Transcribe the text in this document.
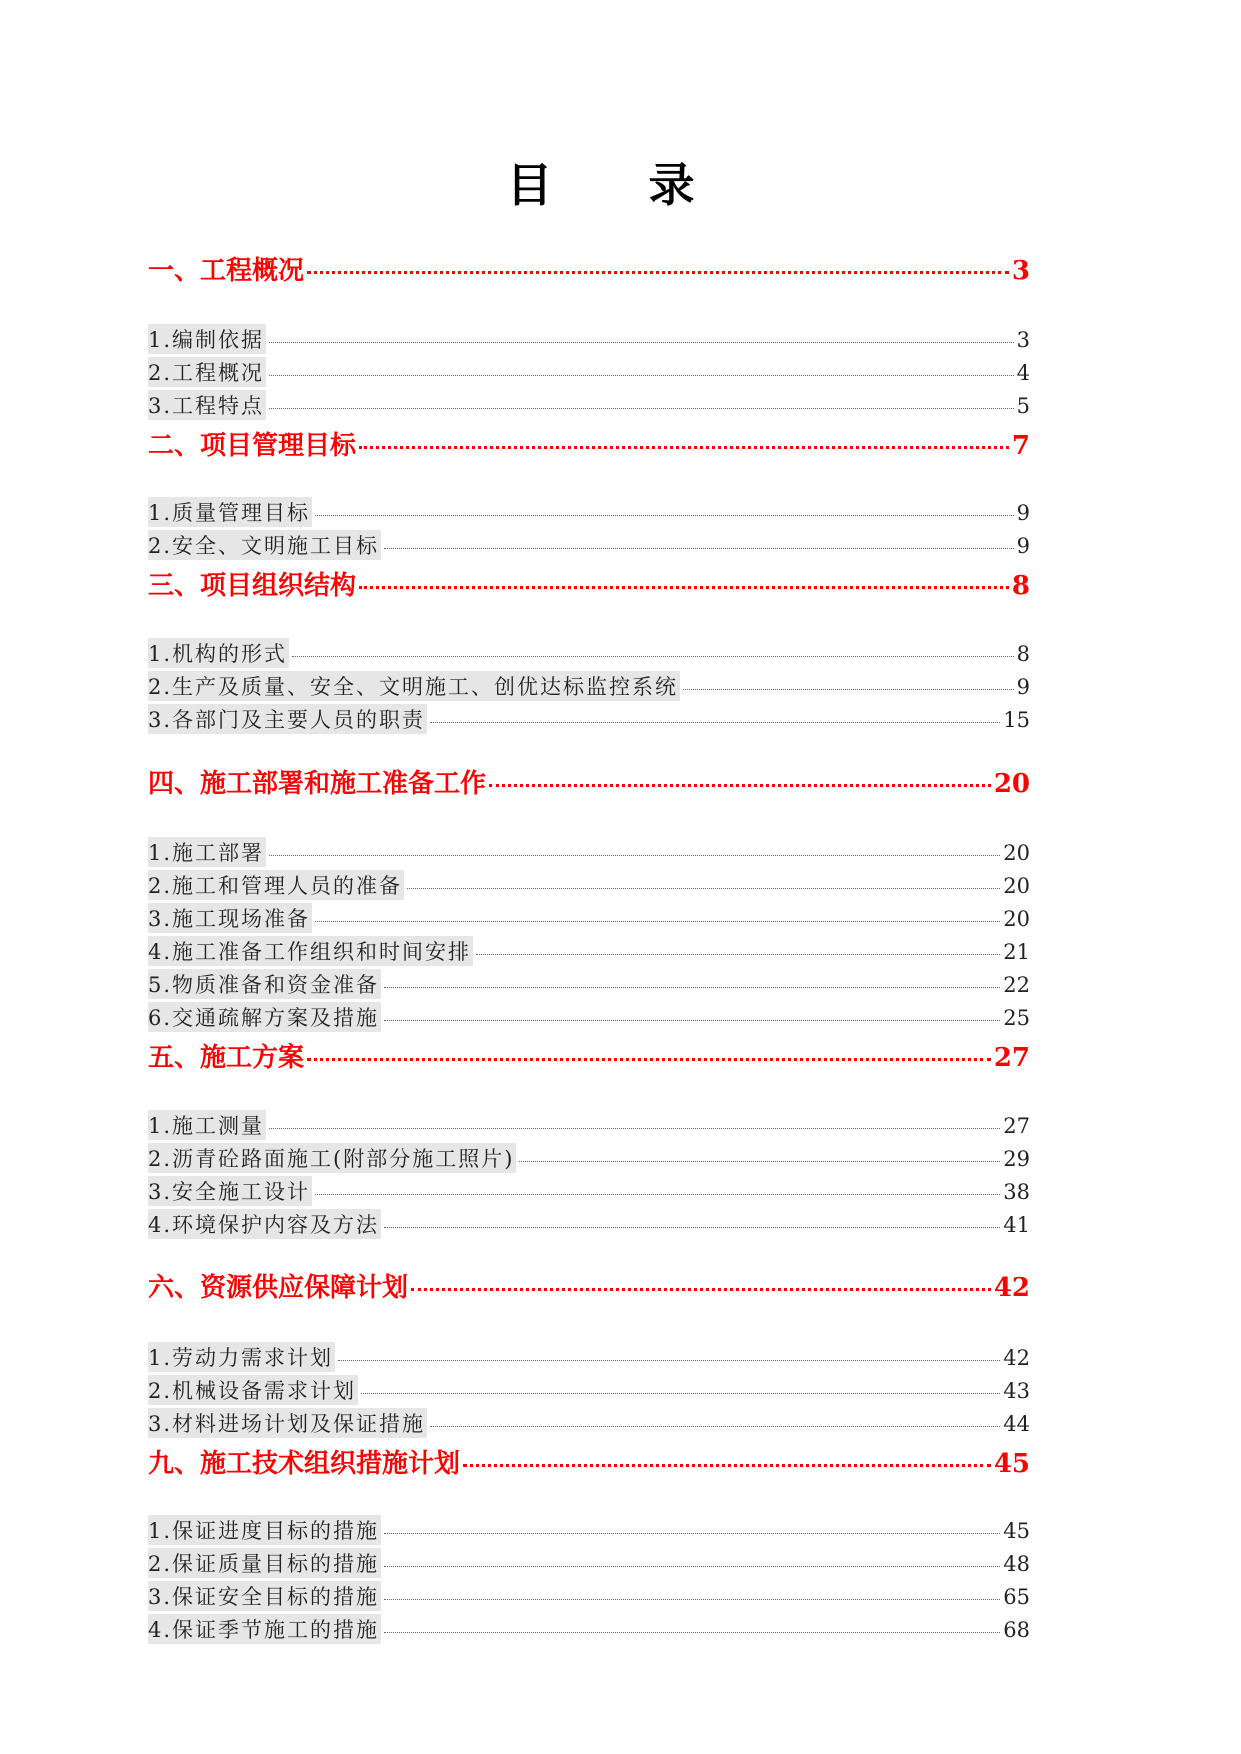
目 录
一、工程概况	3
1.编制依据	3
2.工程概况	4
3.工程特点	5
二、项目管理目标	7
1.质量管理目标	9
2.安全、文明施工目标	9
三、项目组织结构	8
1.机构的形式	8
2.生产及质量、安全、文明施工、创优达标监控系统	9
3.各部门及主要人员的职责	15
四、施工部署和施工准备工作	20
1.施工部署	20
2.施工和管理人员的准备	20
3.施工现场准备	20
4.施工准备工作组织和时间安排	21
5.物质准备和资金准备	22
6.交通疏解方案及措施	25
五、施工方案	27
1.施工测量	27
2.沥青砼路面施工(附部分施工照片)	29
3.安全施工设计	38
4.环境保护内容及方法	41
六、资源供应保障计划	42
1.劳动力需求计划	42
2.机械设备需求计划	43
3.材料进场计划及保证措施	44
九、施工技术组织措施计划	45
1.保证进度目标的措施	45
2.保证质量目标的措施	48
3.保证安全目标的措施	65
4.保证季节施工的措施	68
